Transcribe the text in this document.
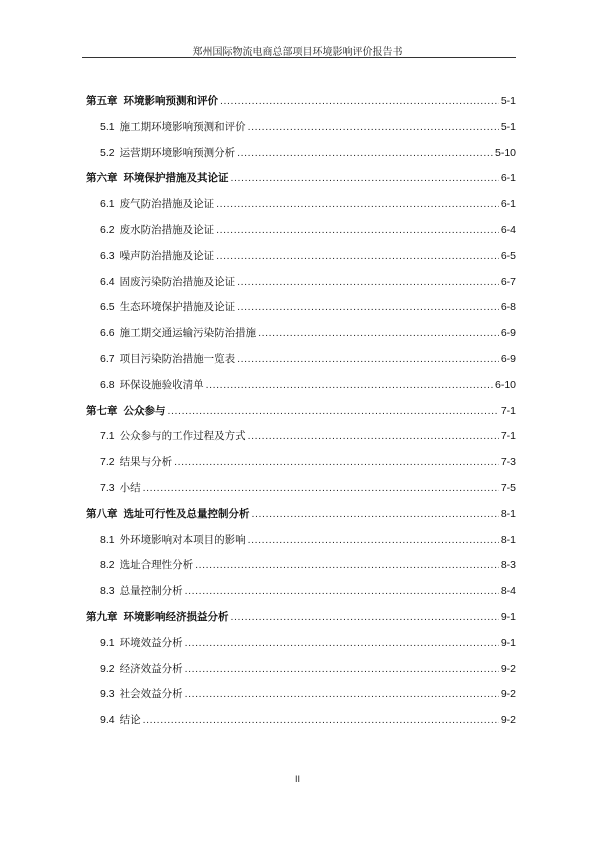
郑州国际物流电商总部项目环境影响评价报告书
第五章 环境影响预测和评价 .....	5-1
5.1 施工期环境影响预测和评价 .....	5-1
5.2 运营期环境影响预测分析 .....	5-10
第六章 环境保护措施及其论证 .....	6-1
6.1 废气防治措施及论证 .....	6-1
6.2 废水防治措施及论证 .....	6-4
6.3 噪声防治措施及论证 .....	6-5
6.4 固废污染防治措施及论证 .....	6-7
6.5 生态环境保护措施及论证 .....	6-8
6.6 施工期交通运输污染防治措施 .....	6-9
6.7 项目污染防治措施一览表 .....	6-9
6.8 环保设施验收清单 .....	6-10
第七章 公众参与 .....	7-1
7.1 公众参与的工作过程及方式 .....	7-1
7.2 结果与分析 .....	7-3
7.3 小结 .....	7-5
第八章 选址可行性及总量控制分析 .....	8-1
8.1 外环境影响对本项目的影响 .....	8-1
8.2 选址合理性分析 .....	8-3
8.3 总量控制分析 .....	8-4
第九章 环境影响经济损益分析 .....	9-1
9.1 环境效益分析 .....	9-1
9.2 经济效益分析 .....	9-2
9.3 社会效益分析 .....	9-2
9.4 结论 .....	9-2
II
